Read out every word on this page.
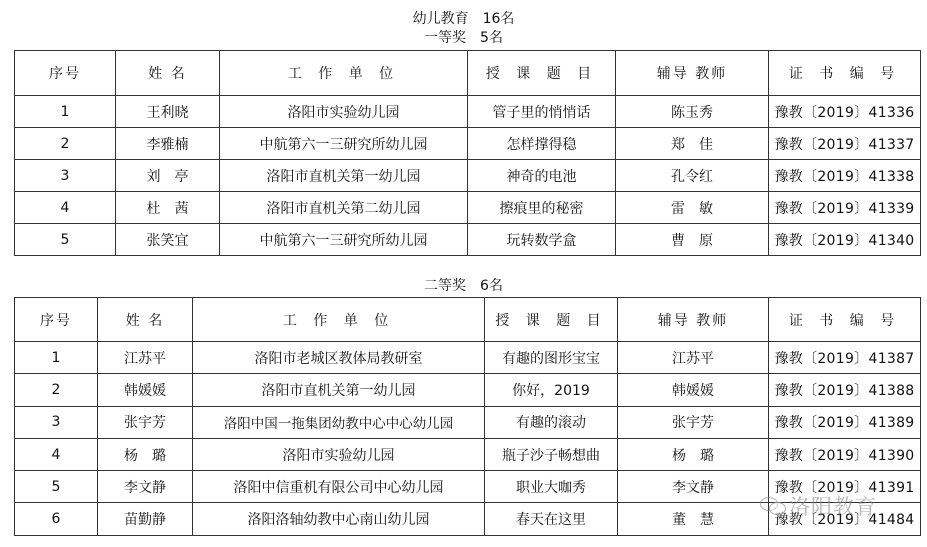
幼儿教育　16名
一等奖　5名
序号	姓 名	工 作 单 位	授 课 题 目	辅导 教师	证 书 编 号
1	王利晓	洛阳市实验幼儿园	管子里的悄悄话	陈玉秀	豫教〔2019〕41336
2	李雅楠	中航第六一三研究所幼儿园	怎样撑得稳	郑　佳	豫教〔2019〕41337
3	刘　亭	洛阳市直机关第一幼儿园	神奇的电池	孔令红	豫教〔2019〕41338
4	杜　茜	洛阳市直机关第二幼儿园	擦痕里的秘密	雷　敏	豫教〔2019〕41339
5	张笑宜	中航第六一三研究所幼儿园	玩转数学盒	曹　原	豫教〔2019〕41340
二等奖　6名
序号	姓 名	工 作 单 位	授 课 题 目	辅导 教师	证 书 编 号
1	江苏平	洛阳市老城区教体局教研室	有趣的图形宝宝	江苏平	豫教〔2019〕41387
2	韩媛媛	洛阳市直机关第一幼儿园	你好，2019	韩媛媛	豫教〔2019〕41388
3	张宇芳	洛阳中国一拖集团幼教中心中心幼儿园	有趣的滚动	张宇芳	豫教〔2019〕41389
4	杨　璐	洛阳市实验幼儿园	瓶子沙子畅想曲	杨　璐	豫教〔2019〕41390
5	李文静	洛阳中信重机有限公司中心幼儿园	职业大咖秀	李文静	豫教〔2019〕41391
6	苗勤静	洛阳洛轴幼教中心南山幼儿园	春天在这里	董　慧	豫教〔2019〕41484
洛阳教育
